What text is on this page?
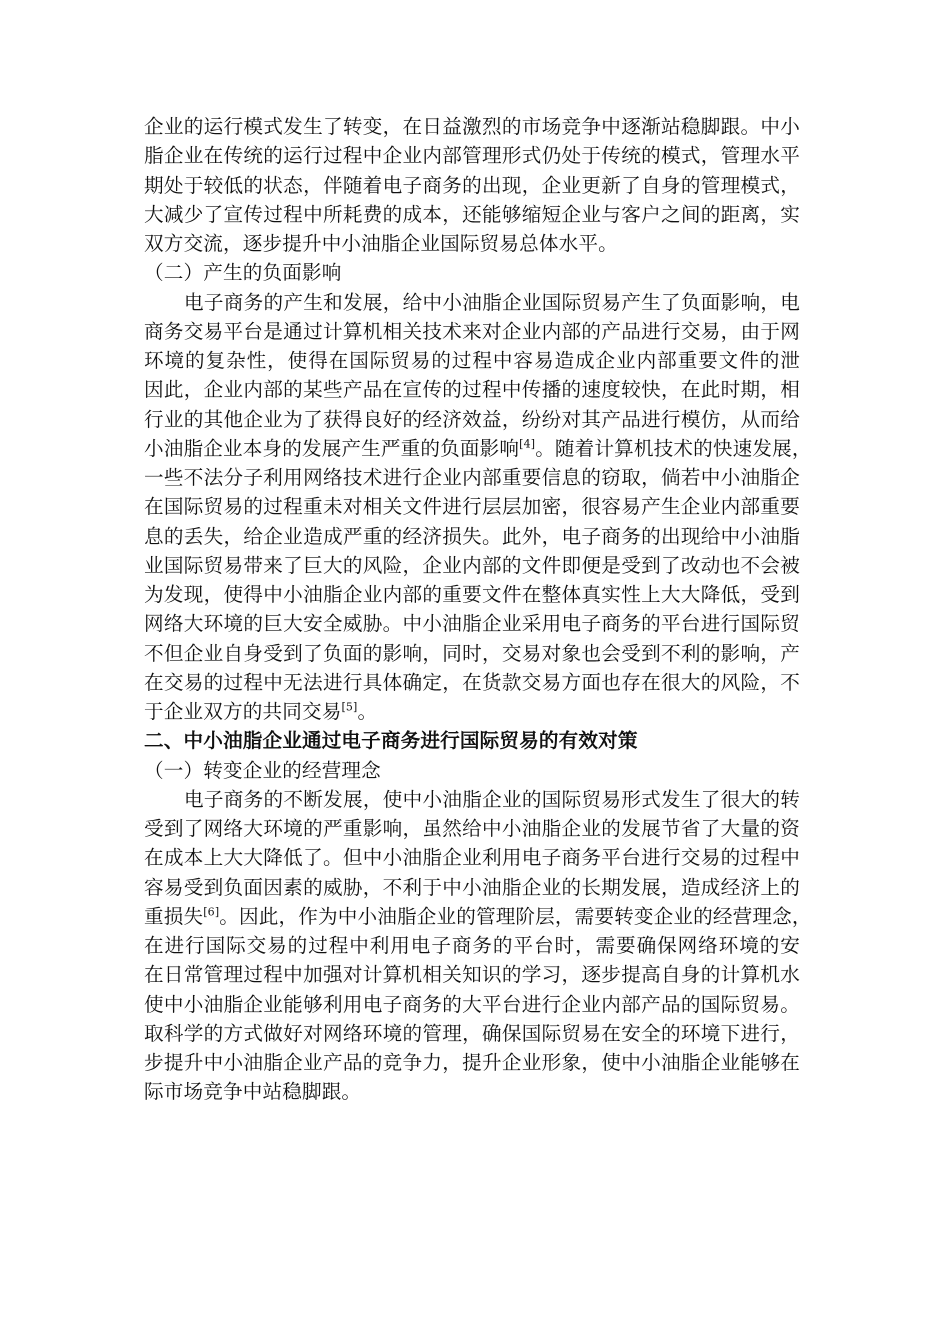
企业的运行模式发生了转变，在日益激烈的市场竞争中逐渐站稳脚跟。中小
脂企业在传统的运行过程中企业内部管理形式仍处于传统的模式，管理水平
期处于较低的状态，伴随着电子商务的出现，企业更新了自身的管理模式，
大减少了宣传过程中所耗费的成本，还能够缩短企业与客户之间的距离，实
双方交流，逐步提升中小油脂企业国际贸易总体水平。
（二）产生的负面影响
电子商务的产生和发展，给中小油脂企业国际贸易产生了负面影响，电
商务交易平台是通过计算机相关技术来对企业内部的产品进行交易，由于网
环境的复杂性，使得在国际贸易的过程中容易造成企业内部重要文件的泄
因此，企业内部的某些产品在宣传的过程中传播的速度较快，在此时期，相
行业的其他企业为了获得良好的经济效益，纷纷对其产品进行模仿，从而给
小油脂企业本身的发展产生严重的负面影响[4]。随着计算机技术的快速发展，
一些不法分子利用网络技术进行企业内部重要信息的窃取，倘若中小油脂企
在国际贸易的过程重未对相关文件进行层层加密，很容易产生企业内部重要
息的丢失，给企业造成严重的经济损失。此外，电子商务的出现给中小油脂
业国际贸易带来了巨大的风险，企业内部的文件即便是受到了改动也不会被
为发现，使得中小油脂企业内部的重要文件在整体真实性上大大降低，受到
网络大环境的巨大安全威胁。中小油脂企业采用电子商务的平台进行国际贸
不但企业自身受到了负面的影响，同时，交易对象也会受到不利的影响，产
在交易的过程中无法进行具体确定，在货款交易方面也存在很大的风险，不
于企业双方的共同交易[5]。
二、中小油脂企业通过电子商务进行国际贸易的有效对策
（一）转变企业的经营理念
电子商务的不断发展，使中小油脂企业的国际贸易形式发生了很大的转
受到了网络大环境的严重影响，虽然给中小油脂企业的发展节省了大量的资
在成本上大大降低了。但中小油脂企业利用电子商务平台进行交易的过程中
容易受到负面因素的威胁，不利于中小油脂企业的长期发展，造成经济上的
重损失[6]。因此，作为中小油脂企业的管理阶层，需要转变企业的经营理念，
在进行国际交易的过程中利用电子商务的平台时，需要确保网络环境的安
在日常管理过程中加强对计算机相关知识的学习，逐步提高自身的计算机水
使中小油脂企业能够利用电子商务的大平台进行企业内部产品的国际贸易。
取科学的方式做好对网络环境的管理，确保国际贸易在安全的环境下进行，
步提升中小油脂企业产品的竞争力，提升企业形象，使中小油脂企业能够在
际市场竞争中站稳脚跟。
